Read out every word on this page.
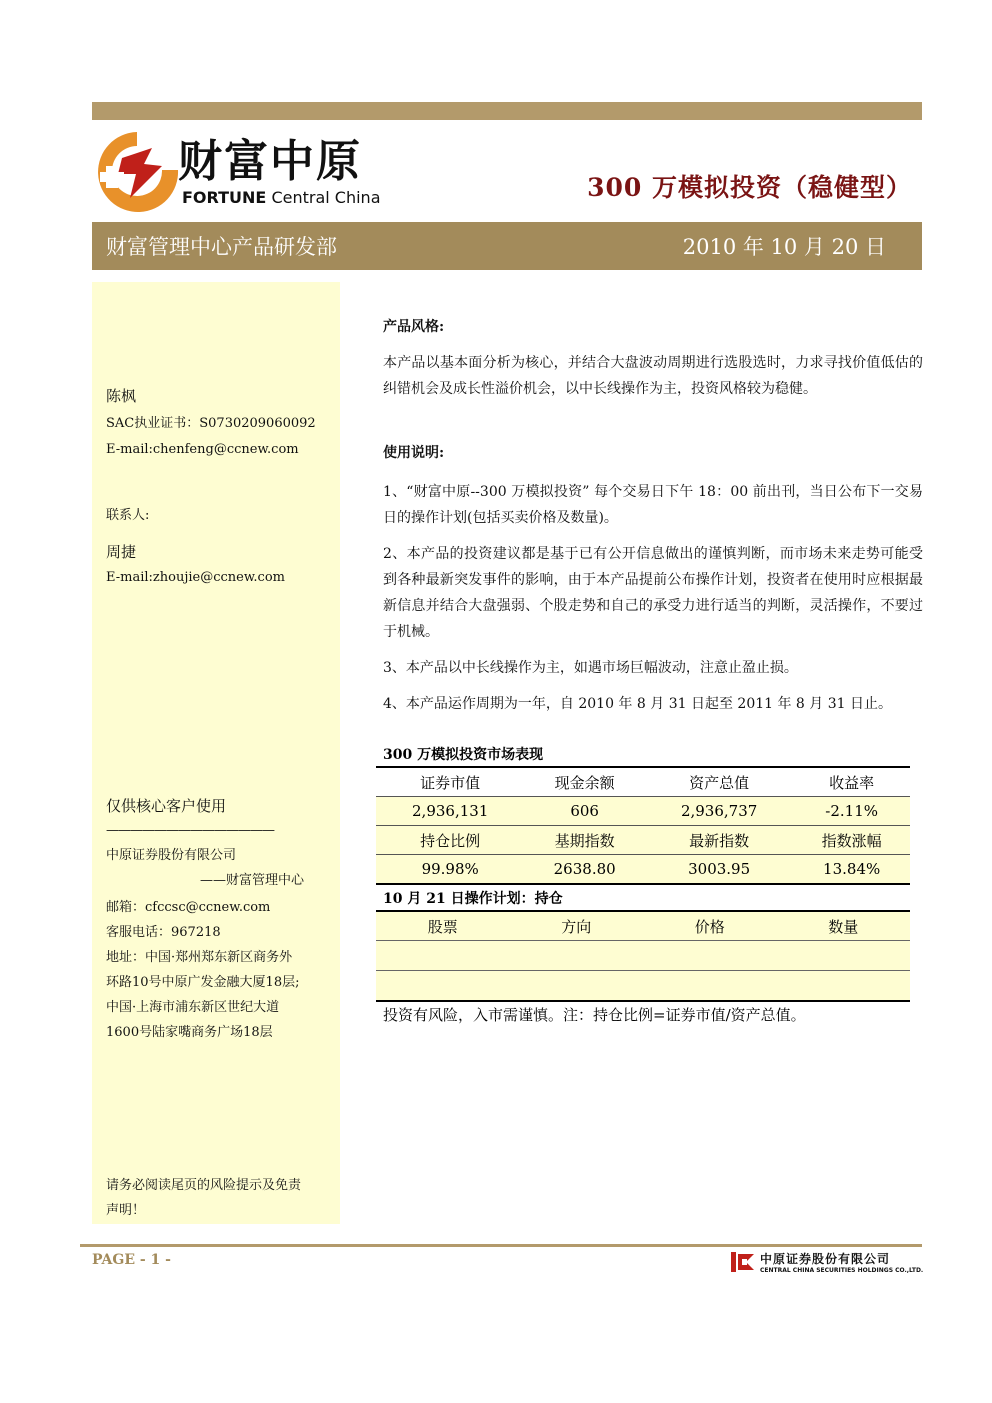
财富中原
FORTUNE Central China	300 万模拟投资（稳健型）
财富管理中心产品研发部	2010 年 10 月 20 日
陈枫
SAC执业证书：S0730209060092
E-mail:chenfeng@ccnew.com
联系人:
周捷
E-mail:zhoujie@ccnew.com
仅供核心客户使用
——————————————
中原证券股份有限公司
——财富管理中心
邮箱：cfccsc@ccnew.com
客服电话：967218
地址：中国·郑州郑东新区商务外
环路10号中原广发金融大厦18层;
中国·上海市浦东新区世纪大道
1600号陆家嘴商务广场18层
请务必阅读尾页的风险提示及免责
声明！
产品风格:
本产品以基本面分析为核心，并结合大盘波动周期进行选股选时，力求寻找价值低估的纠错机会及成长性溢价机会，以中长线操作为主，投资风格较为稳健。
使用说明:
1、“财富中原--300 万模拟投资” 每个交易日下午 18：00 前出刊，当日公布下一交易日的操作计划(包括买卖价格及数量)。
2、本产品的投资建议都是基于已有公开信息做出的谨慎判断，而市场未来走势可能受到各种最新突发事件的影响，由于本产品提前公布操作计划，投资者在使用时应根据最新信息并结合大盘强弱、个股走势和自己的承受力进行适当的判断，灵活操作，不要过于机械。
3、本产品以中长线操作为主，如遇市场巨幅波动，注意止盈止损。
4、本产品运作周期为一年，自 2010 年 8 月 31 日起至 2011 年 8 月 31 日止。
300 万模拟投资市场表现
证券市值	现金余额	资产总值	收益率
2,936,131	606	2,936,737	-2.11%
持仓比例	基期指数	最新指数	指数涨幅
99.98%	2638.80	3003.95	13.84%
10 月 21 日操作计划：持仓
股票	方向	价格	数量

投资有风险，入市需谨慎。注：持仓比例=证券市值/资产总值。
PAGE - 1 -	中原证券股份有限公司
CENTRAL CHINA SECURITIES HOLDINGS CO.,LTD.
